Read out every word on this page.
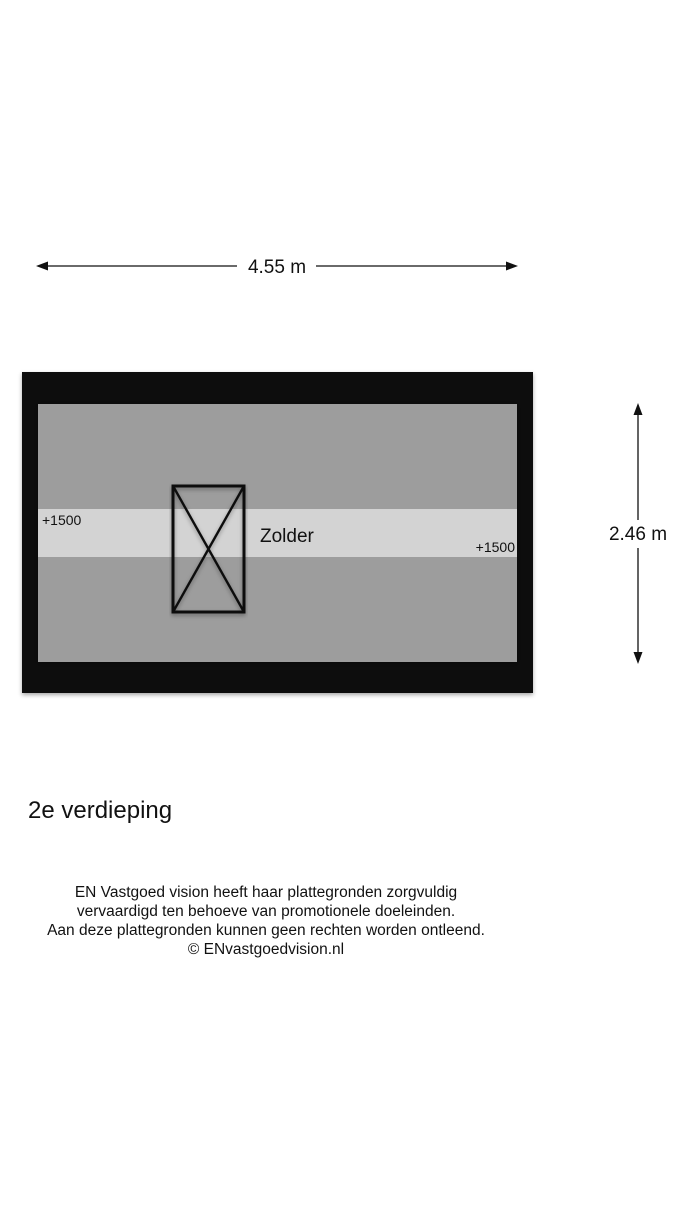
4.55 m
2.46 m
Zolder
+1500
+1500
2e verdieping
EN Vastgoed vision heeft haar plattegronden zorgvuldig
vervaardigd ten behoeve van promotionele doeleinden.
Aan deze plattegronden kunnen geen rechten worden ontleend.
© ENvastgoedvision.nl
